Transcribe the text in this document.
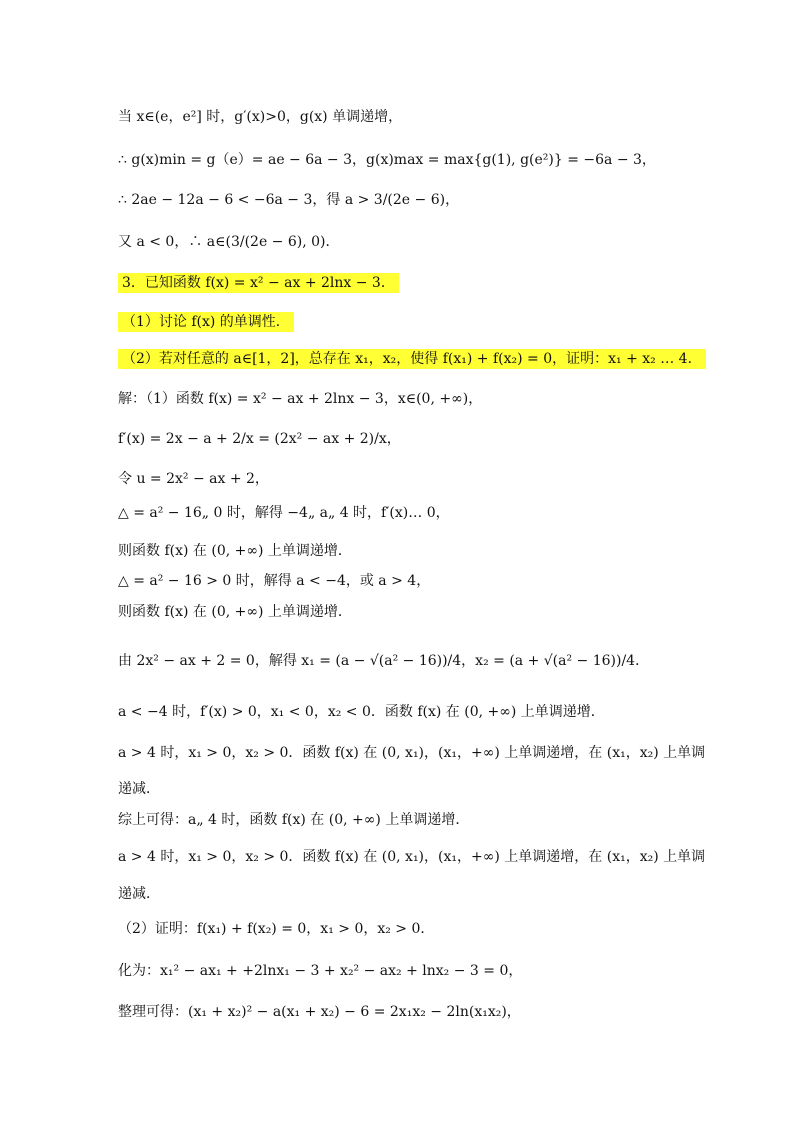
当 x∈(e，e²] 时，g′(x)>0，g(x) 单调递增，
∴ g(x)min = g（e）= ae − 6a − 3，g(x)max = max{g(1), g(e²)} = −6a − 3，
∴ 2ae − 12a − 6 < −6a − 3，得 a > 3/(2e − 6)，
又 a < 0，∴ a∈(3/(2e − 6), 0)．
3．已知函数 f(x) = x² − ax + 2lnx − 3．
（1）讨论 f(x) 的单调性．
（2）若对任意的 a∈[1，2]，总存在 x₁，x₂，使得 f(x₁) + f(x₂) = 0，证明：x₁ + x₂ … 4．
解：（1）函数 f(x) = x² − ax + 2lnx − 3，x∈(0, +∞)，
f′(x) = 2x − a + 2/x = (2x² − ax + 2)/x，
令 u = 2x² − ax + 2，
△ = a² − 16„ 0 时，解得 −4„ a„ 4 时，f′(x)… 0，
则函数 f(x) 在 (0, +∞) 上单调递增．
△ = a² − 16 > 0 时，解得 a < −4，或 a > 4，
则函数 f(x) 在 (0, +∞) 上单调递增．
由 2x² − ax + 2 = 0，解得 x₁ = (a − √(a² − 16))/4，x₂ = (a + √(a² − 16))/4．
a < −4 时，f′(x) > 0，x₁ < 0，x₂ < 0．函数 f(x) 在 (0, +∞) 上单调递增．
a > 4 时，x₁ > 0，x₂ > 0．函数 f(x) 在 (0, x₁)，(x₁，+∞) 上单调递增，在 (x₁，x₂) 上单调
递减．
综上可得：a„ 4 时，函数 f(x) 在 (0, +∞) 上单调递增．
a > 4 时，x₁ > 0，x₂ > 0．函数 f(x) 在 (0, x₁)，(x₁，+∞) 上单调递增，在 (x₁，x₂) 上单调
递减．
（2）证明：f(x₁) + f(x₂) = 0，x₁ > 0，x₂ > 0．
化为：x₁² − ax₁ + +2lnx₁ − 3 + x₂² − ax₂ + lnx₂ − 3 = 0，
整理可得：(x₁ + x₂)² − a(x₁ + x₂) − 6 = 2x₁x₂ − 2ln(x₁x₂)，
